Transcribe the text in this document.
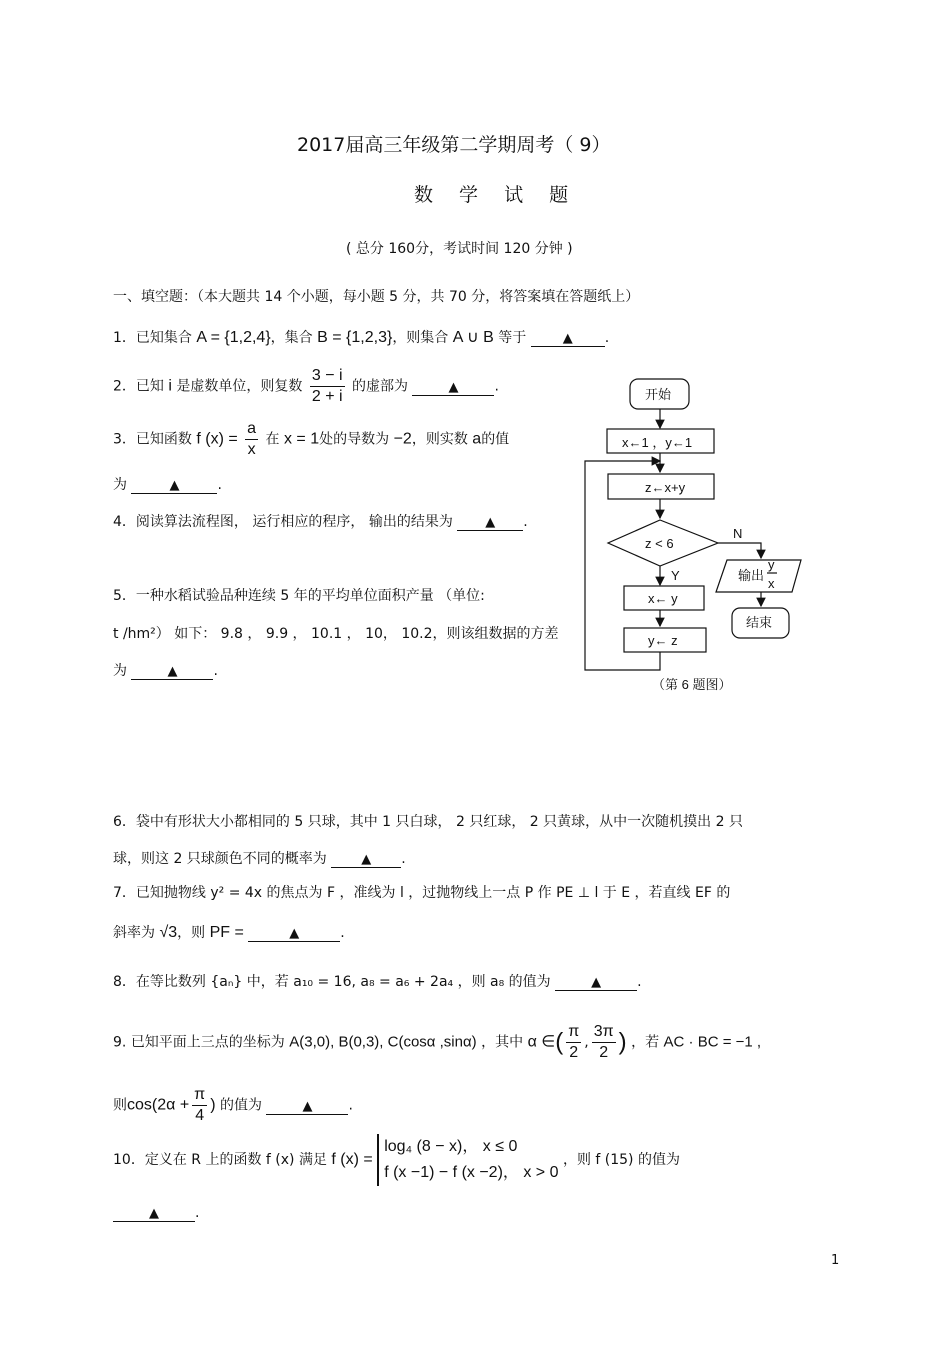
2017届高三年级第二学期周考（ 9）
数 学 试 题
( 总分 160分，考试时间 120 分钟 )
一、填空题：（本大题共 14 个小题，每小题 5 分，共 70 分，将答案填在答题纸上）
1．已知集合 A = {1,2,4}，集合 B = {1,2,3}，则集合 A ∪ B 等于	▲ .
2．已知 i 是虚数单位，则复数 $\frac{3 - i}{2 + i}$ 的虚部为	▲	.
3．已知函数 f $(x) = \frac{a}{x}$ 在 x = 1处的导数为 −2，则实数 a的值
为	▲	.
4．阅读算法流程图， 运行相应的程序， 输出的结果为 ▲ .
5．一种水稻试验品种连续 5 年的平均单位面积产量 （单位:
t /hm²） 如下： 9.8 ， 9.9 ， 10.1 ， 10， 10.2，则该组数据的方差
为	▲	.
开始
x←1 ，y←1
z←x+y
z < 6
Y
N
x← y
y← z
输出
y
x
结束
（第 6 题图）
6．袋中有形状大小都相同的 5 只球，其中 1 只白球， 2 只红球， 2 只黄球，从中一次随机摸出 2 只
球，则这 2 只球颜色不同的概率为	▲ .
7．已知抛物线 y² = 4x 的焦点为 F ，准线为 l ，过抛物线上一点 P 作 PE ⊥ l 于 E ，若直线 EF 的
斜率为 √3，则 PF =	▲	.
8．在等比数列 {aₙ} 中，若 a₁₀ = 16, a₈ = a₆ + 2a₄ ，则 a₈ 的值为	▲	.
9. 已知平面上三点的坐标为 A(3,0), B(0,3), C(cosα ,sinα) ，其中 α ∈( $\frac{\pi}{2}$ , $\frac{3\pi}{2}$ ) ，若 AC · BC = −1 ,
则$\cos(2\alpha + \frac{\pi}{4}$ ) 的值为	▲	.
10．定义在 R 上的函数 f (x) 满足 f (x) =
log₄ (8 − x)， x ≤ 0
f (x −1) − f (x −2)， x > 0
，则 f (15) 的值为
▲	.
1
